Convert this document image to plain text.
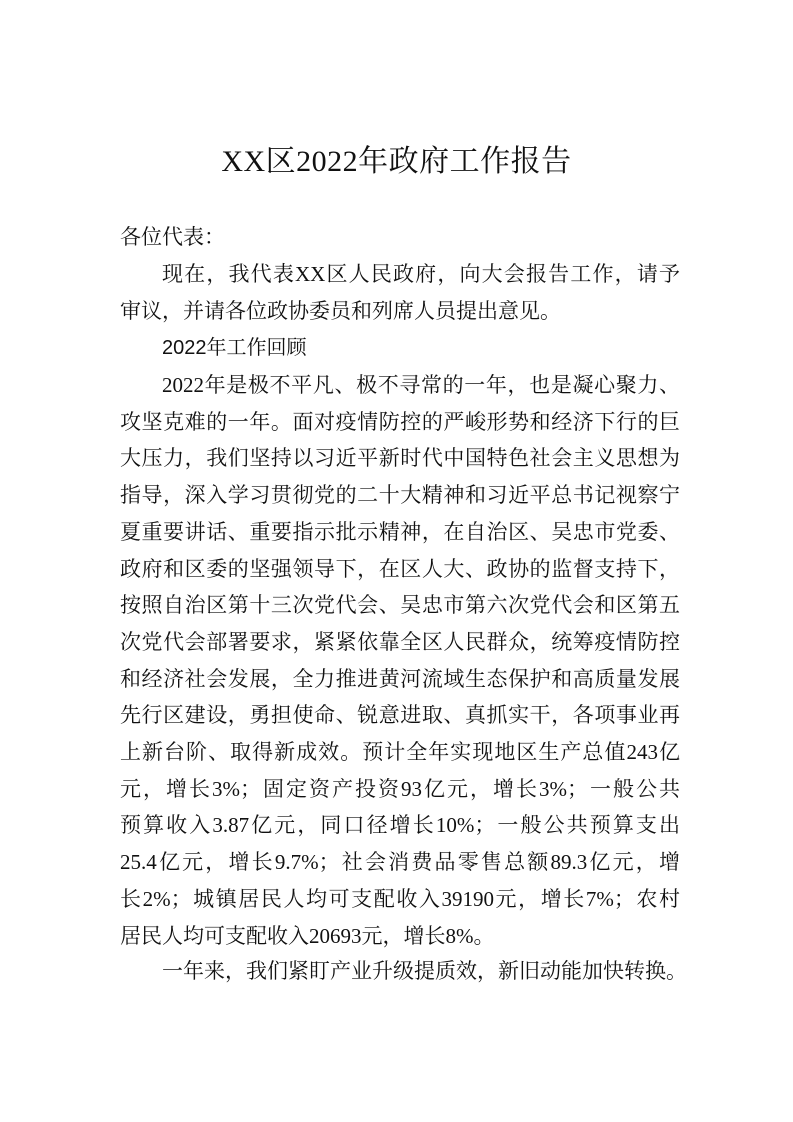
XX区2022年政府工作报告
各位代表：
现在，我代表XX区人民政府，向大会报告工作，请予
审议，并请各位政协委员和列席人员提出意见。
2022年工作回顾
2022年是极不平凡、极不寻常的一年，也是凝心聚力、
攻坚克难的一年。面对疫情防控的严峻形势和经济下行的巨
大压力，我们坚持以习近平新时代中国特色社会主义思想为
指导，深入学习贯彻党的二十大精神和习近平总书记视察宁
夏重要讲话、重要指示批示精神，在自治区、吴忠市党委、
政府和区委的坚强领导下，在区人大、政协的监督支持下，
按照自治区第十三次党代会、吴忠市第六次党代会和区第五
次党代会部署要求，紧紧依靠全区人民群众，统筹疫情防控
和经济社会发展，全力推进黄河流域生态保护和高质量发展
先行区建设，勇担使命、锐意进取、真抓实干，各项事业再
上新台阶、取得新成效。预计全年实现地区生产总值243亿
元，增长3%；固定资产投资93亿元，增长3%；一般公共
预算收入3.87亿元，同口径增长10%；一般公共预算支出
25.4亿元，增长9.7%；社会消费品零售总额89.3亿元，增
长2%；城镇居民人均可支配收入39190元，增长7%；农村
居民人均可支配收入20693元，增长8%。
一年来，我们紧盯产业升级提质效，新旧动能加快转换。
